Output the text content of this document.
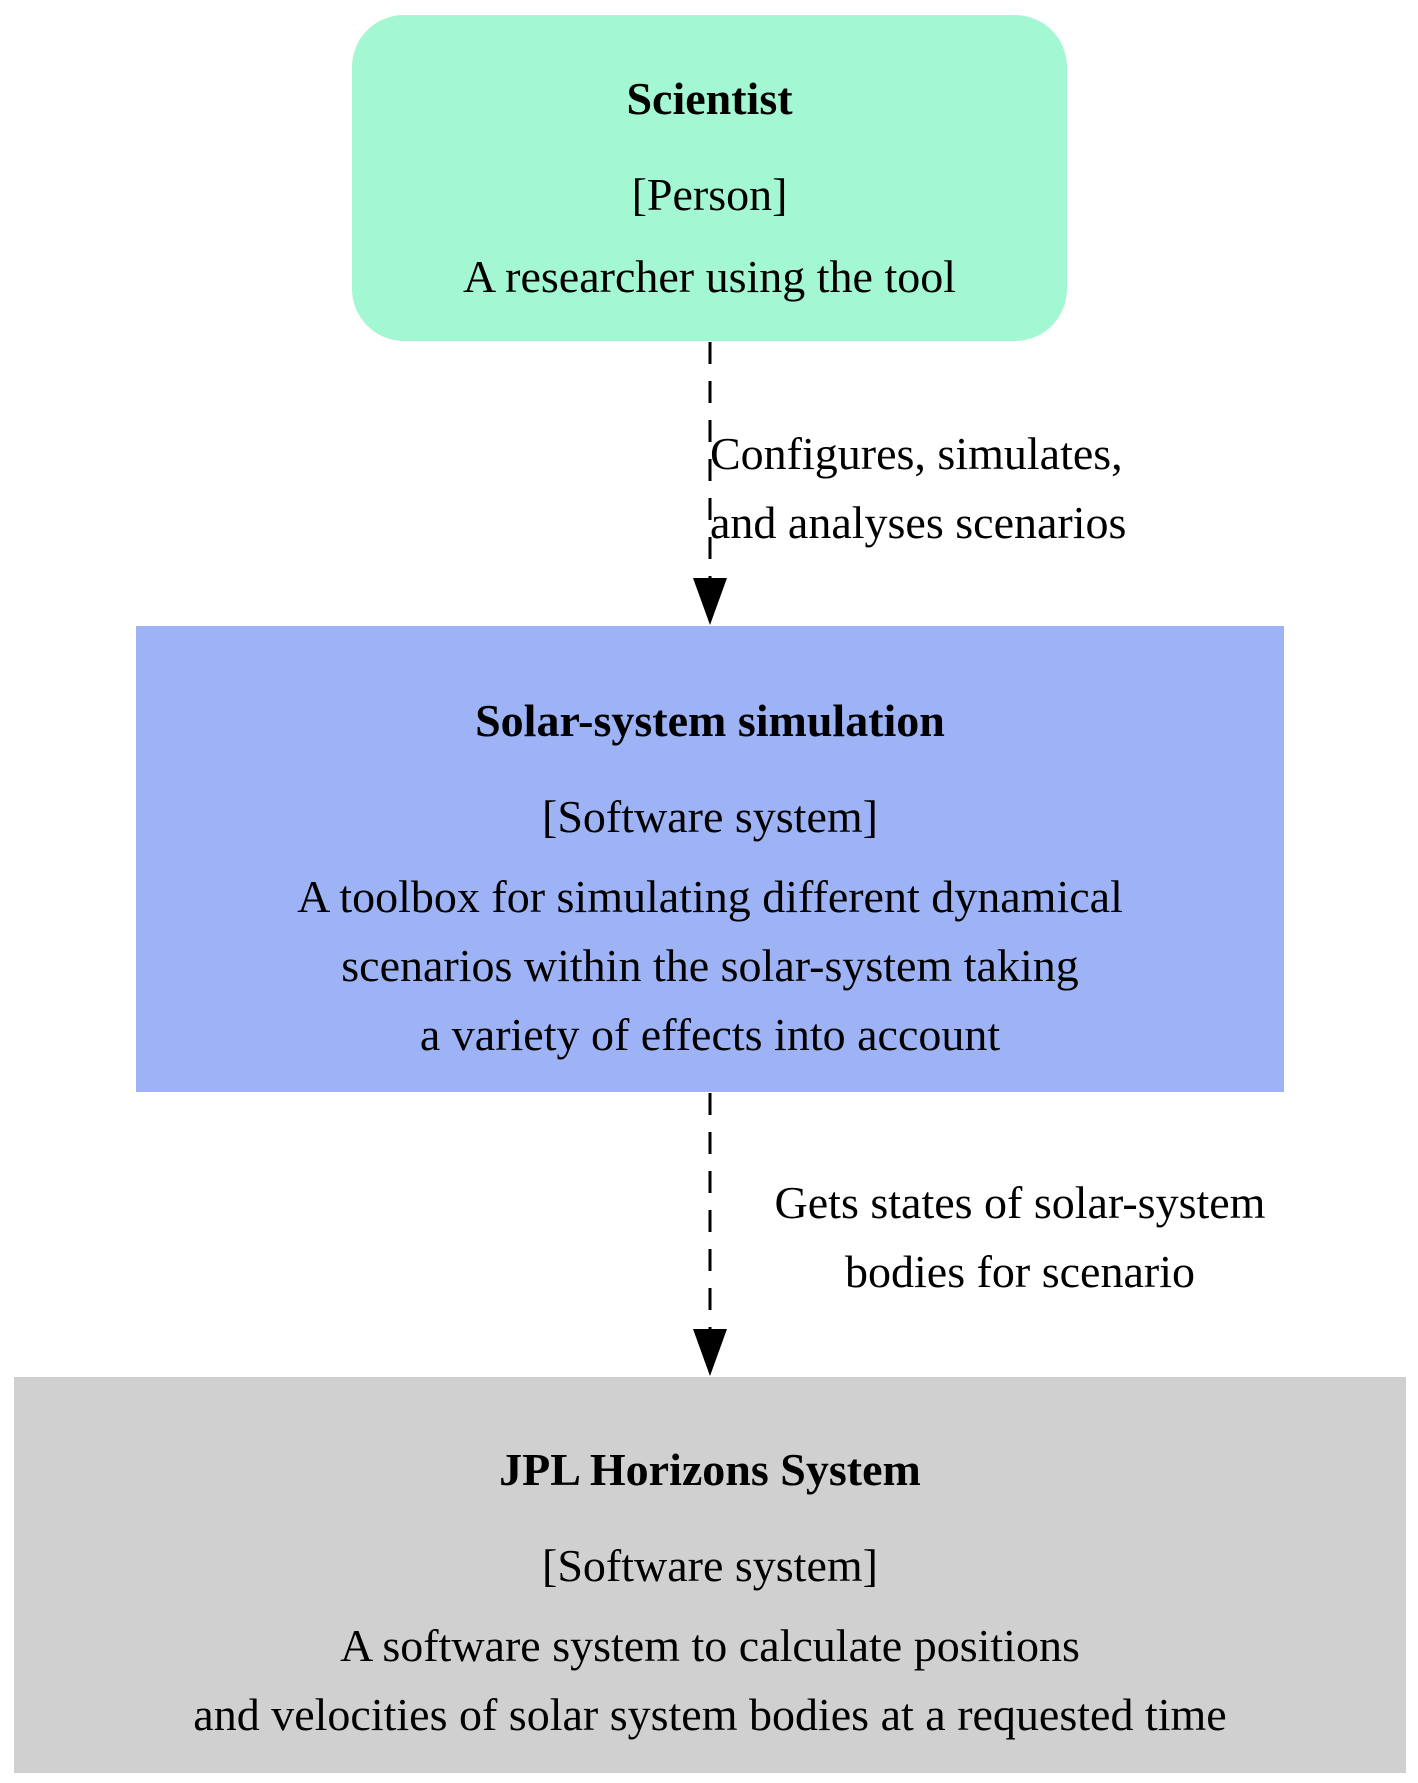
Scientist
[Person]
A researcher using the tool
Solar-system simulation
[Software system]
A toolbox for simulating different dynamical
scenarios within the solar-system taking
a variety of effects into account
JPL Horizons System
[Software system]
A software system to calculate positions
and velocities of solar system bodies at a requested time
Configures, simulates,
and analyses scenarios
Gets states of solar-system
bodies for scenario
